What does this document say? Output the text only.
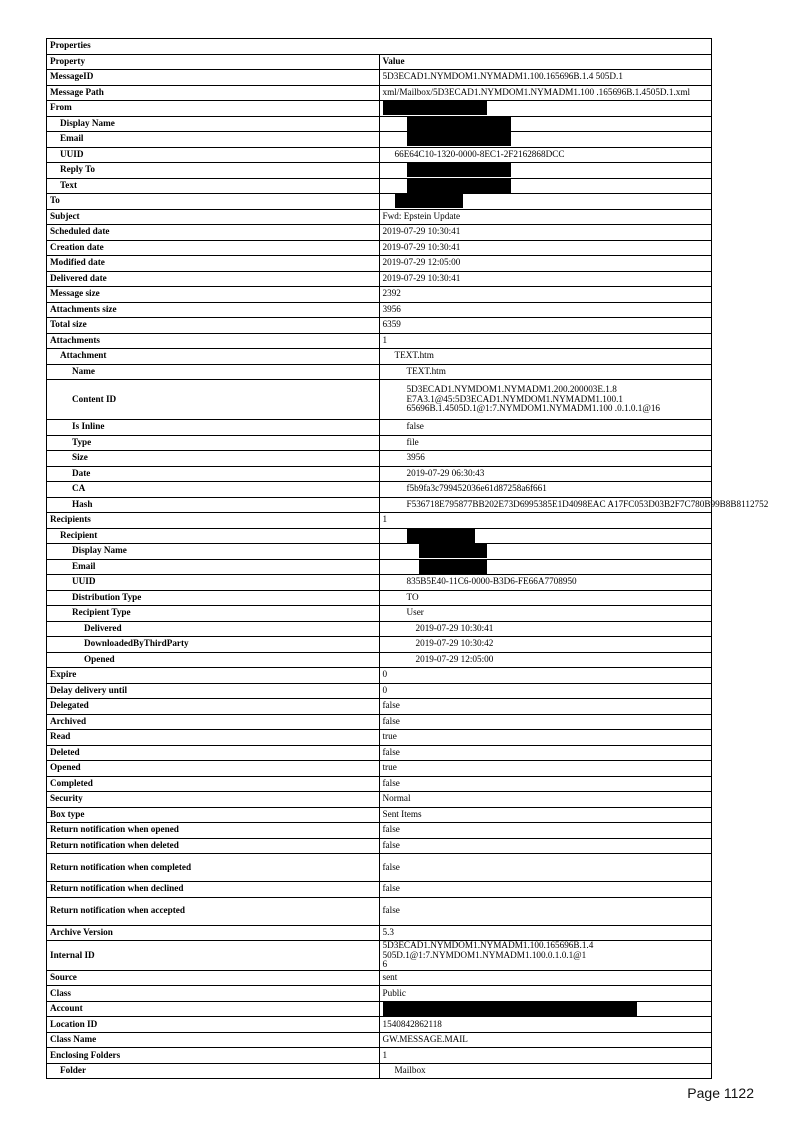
Properties	
Property	Value
MessageID	5D3ECAD1.NYMDOM1.NYMADM1.100.165696B.1.4 505D.1
Message Path	xml/Mailbox/5D3ECAD1.NYMDOM1.NYMADM1.100 .165696B.1.4505D.1.xml
From	
Display Name	
Email	
UUID	66E64C10-1320-0000-8EC1-2F2162868DCC
Reply To	
Text	
To	
Subject	Fwd: Epstein Update
Scheduled date	2019-07-29 10:30:41
Creation date	2019-07-29 10:30:41
Modified date	2019-07-29 12:05:00
Delivered date	2019-07-29 10:30:41
Message size	2392
Attachments size	3956
Total size	6359
Attachments	1
Attachment	TEXT.htm
Name	TEXT.htm
Content ID	5D3ECAD1.NYMDOM1.NYMADM1.200.200003E.1.8
E7A3.1@45:5D3ECAD1.NYMDOM1.NYMADM1.100.1
65696B.1.4505D.1@1:7.NYMDOM1.NYMADM1.100 .0.1.0.1@16
Is Inline	false
Type	file
Size	3956
Date	2019-07-29 06:30:43
CA	f5b9fa3c799452036e61d87258a6f661
Hash	F536718E795877BB202E73D6995385E1D4098EAC A17FC053D03B2F7C780B99B8B8112752
Recipients	1
Recipient	
Display Name	
Email	
UUID	835B5E40-11C6-0000-B3D6-FE66A7708950
Distribution Type	TO
Recipient Type	User
Delivered	2019-07-29 10:30:41
DownloadedByThirdParty	2019-07-29 10:30:42
Opened	2019-07-29 12:05:00
Expire	0
Delay delivery until	0
Delegated	false
Archived	false
Read	true
Deleted	false
Opened	true
Completed	false
Security	Normal
Box type	Sent Items
Return notification when opened	false
Return notification when deleted	false
Return notification when completed	false
Return notification when declined	false
Return notification when accepted	false
Archive Version	5.3
Internal ID	5D3ECAD1.NYMDOM1.NYMADM1.100.165696B.1.4 505D.1@1:7.NYMDOM1.NYMADM1.100.0.1.0.1@1
6
Source	sent
Class	Public
Account	
Location ID	1540842862118
Class Name	GW.MESSAGE.MAIL
Enclosing Folders	1
Folder	Mailbox
Page 1122
